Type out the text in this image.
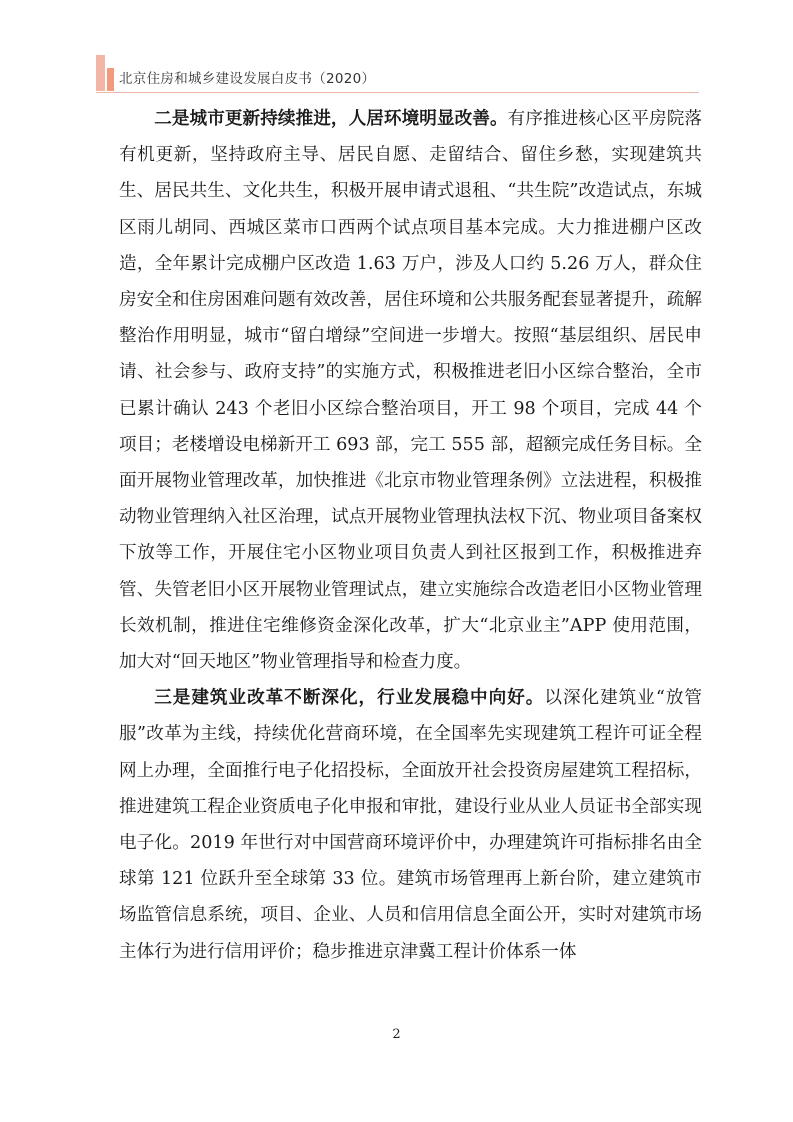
北京住房和城乡建设发展白皮书（2020）

二是城市更新持续推进，人居环境明显改善。有序推进核心区平房院落有机更新，坚持政府主导、居民自愿、走留结合、留住乡愁，实现建筑共生、居民共生、文化共生，积极开展申请式退租、“共生院”改造试点，东城区雨儿胡同、西城区菜市口西两个试点项目基本完成。大力推进棚户区改造，全年累计完成棚户区改造 1.63 万户，涉及人口约 5.26 万人，群众住房安全和住房困难问题有效改善，居住环境和公共服务配套显著提升，疏解整治作用明显，城市“留白增绿”空间进一步增大。按照“基层组织、居民申请、社会参与、政府支持”的实施方式，积极推进老旧小区综合整治，全市已累计确认 243 个老旧小区综合整治项目，开工 98 个项目，完成 44 个项目；老楼增设电梯新开工 693 部，完工 555 部，超额完成任务目标。全面开展物业管理改革，加快推进《北京市物业管理条例》立法进程，积极推动物业管理纳入社区治理，试点开展物业管理执法权下沉、物业项目备案权下放等工作，开展住宅小区物业项目负责人到社区报到工作，积极推进弃管、失管老旧小区开展物业管理试点，建立实施综合改造老旧小区物业管理长效机制，推进住宅维修资金深化改革，扩大“北京业主”APP 使用范围，加大对“回天地区”物业管理指导和检查力度。

三是建筑业改革不断深化，行业发展稳中向好。以深化建筑业“放管服”改革为主线，持续优化营商环境，在全国率先实现建筑工程许可证全程网上办理，全面推行电子化招投标，全面放开社会投资房屋建筑工程招标，推进建筑工程企业资质电子化申报和审批，建设行业从业人员证书全部实现电子化。2019 年世行对中国营商环境评价中，办理建筑许可指标排名由全球第 121 位跃升至全球第 33 位。建筑市场管理再上新台阶，建立建筑市场监管信息系统，项目、企业、人员和信用信息全面公开，实时对建筑市场主体行为进行信用评价；稳步推进京津冀工程计价体系一体

2
